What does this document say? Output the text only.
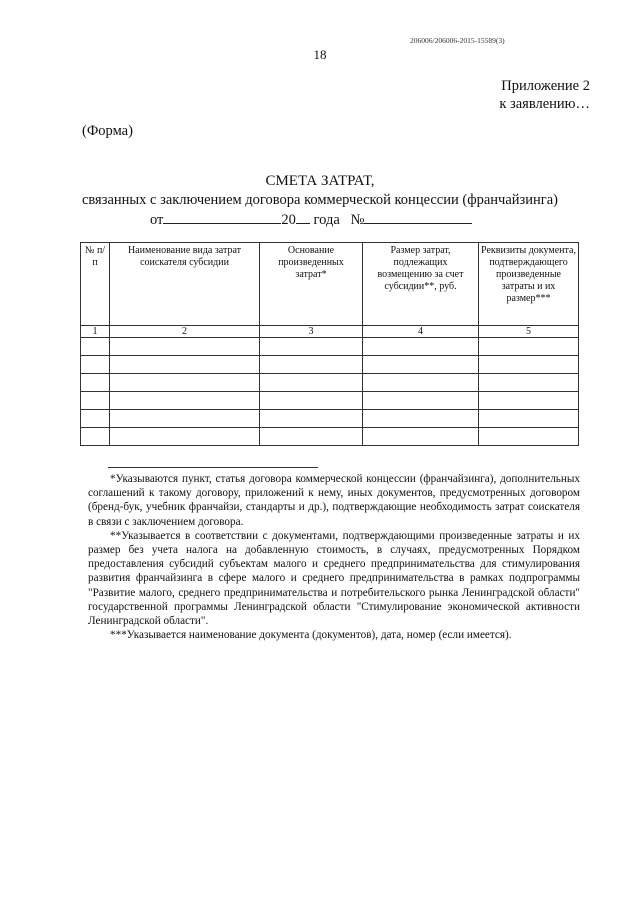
206006/206006-2015-15589(3)
18
Приложение 2
к заявлению…
(Форма)
СМЕТА ЗАТРАТ,
связанных с заключением договора коммерческой концессии (франчайзинга)
от	20 года №
№ п/п	Наименование вида затрат соискателя субсидии	Основание произведенных затрат*	Размер затрат, подлежащих возмещению за счет субсидии**, руб.	Реквизиты документа, подтверждающего произведенные затраты и их размер***
1	2	3	4	5

*Указываются пункт, статья договора коммерческой концессии (франчайзинга), дополнительных соглашений к такому договору, приложений к нему, иных документов, предусмотренных договором (бренд-бук, учебник франчайзи, стандарты и др.), подтверждающие необходимость затрат соискателя в связи с заключением договора.

**Указывается в соответствии с документами, подтверждающими произведенные затраты и их размер без учета налога на добавленную стоимость, в случаях, предусмотренных Порядком предоставления субсидий субъектам малого и среднего предпринимательства для стимулирования развития франчайзинга в сфере малого и среднего предпринимательства в рамках подпрограммы "Развитие малого, среднего предпринимательства и потребительского рынка Ленинградской области" государственной программы Ленинградской области "Стимулирование экономической активности Ленинградской области".

***Указывается наименование документа (документов), дата, номер (если имеется).
